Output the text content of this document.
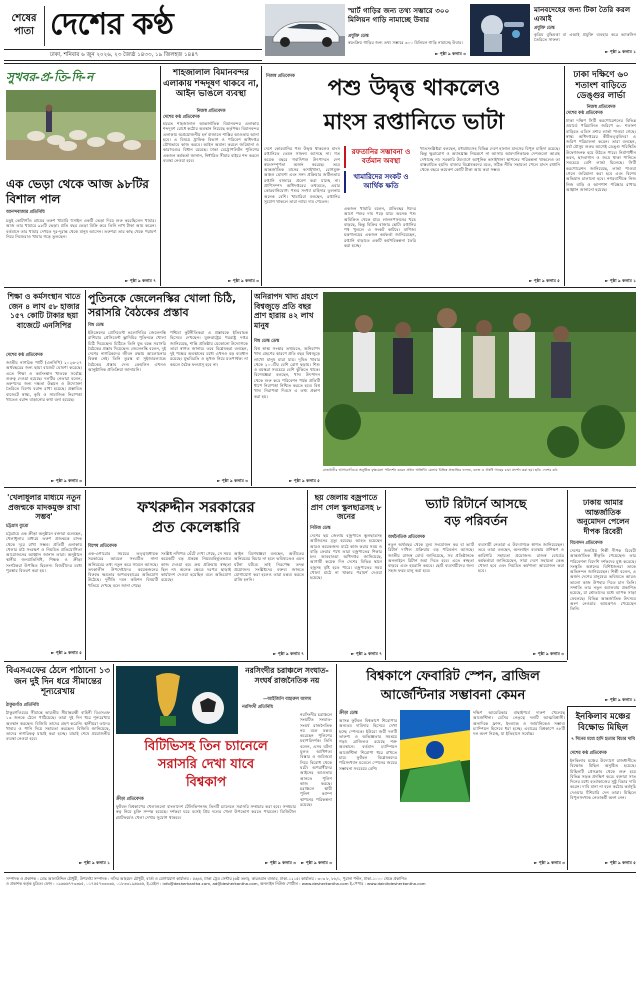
শেষের পাতা দেশের কণ্ঠ
ঢাকা, শনিবার ৬ জুন ২০২৬, ২৩ জ্যৈষ্ঠ ১৪৩৩, ১৯ জিলহজ ১৪৪৭
স্মার্ট গাড়ির জন্য তথ্য সম্ভারে ৩০০ মিলিয়ন গাড়ি নামাচ্ছে উবার
প্রযুক্তি ডেস্ক
স্বয়ংক্রিয় গাড়ির জন্য তথ্য সম্ভারে ৩০০ মিলিয়ন গাড়ি নামাচ্ছে উবার।
► পৃষ্ঠা ৯ কলাম ৩
মানবদেহের জন্য টিকা তৈরি করল এআই
প্রযুক্তি ডেস্ক
কৃত্রিম বুদ্ধিমত্তা বা এআই প্রযুক্তি ব্যবহার করে ভ্যাকসিন তৈরিতে সাফল্য
► পৃষ্ঠা ৯ কলাম ১
সুখবর-প্র-তি-দি-ন
এক ভেড়া থেকে আজ ৯৮টির বিশাল পাল
আনন্দবাজার প্রতিনিধি
চড়ুই কোটাগাঁও গ্রামের তরুণ খামারি হুসাইন একটি ভেড়া দিয়ে শুরু করেছিলেন খামার। আজ তার খামারে ৯৮টি ভেড়া। প্রতি বছর ভেড়া বিক্রি করে তিনি লাখ টাকা আয় করেন। বর্তমানে তার খামার দেখতে দূর-দূরান্ত থেকে মানুষ আসেন। তরুণরা তার কাছ থেকে পরামর্শ নিয়ে নিজেরাও খামার গড়ে তুলছেন।
► পৃষ্ঠা ৯ কলাম ৭
শাহজালাল বিমানবন্দর এলাকায় শব্দদূষণ থাকবে না, আইন ভাঙলে ব্যবস্থা
নিজস্ব প্রতিবেদক
দেশের কণ্ঠ প্রতিবেদক
হযরত শাহজালাল আন্তর্জাতিক বিমানবন্দর এলাকায় শব্দদূষণ রোধে কঠোর অবস্থান নিয়েছে কর্তৃপক্ষ। বিমানবন্দর এলাকায় অপ্রয়োজনীয় হর্ন বাজালে শাস্তির আওতায় আনা হবে। এ বিষয়ে ট্রাফিক বিভাগ ও পরিবেশ অধিদপ্তর যৌথভাবে কাজ করবে। আইন অমান্য করলে জরিমানা ও কারাদণ্ডের বিধান রয়েছে। ঢাকা মেট্রোপলিটন পুলিশের একজন কর্মকর্তা জানান, নির্ধারিত সীমার বাইরে শব্দ করলে ব্যবস্থা নেওয়া হবে।
► পৃষ্ঠা ৯ কলাম ৩
নিজস্ব প্রতিবেদক	পশু উদ্বৃত্ত থাকলেও
মাংস রপ্তানিতে ভাটা
দেশে কোরবানির পশু উদ্বৃত্ত থাকলেও মাংস রপ্তানিতে তেমন সাফল্য আসছে না। গত কয়েক বছরে গবাদিপশু উৎপাদনে দেশ স্বয়ংসম্পূর্ণতা অর্জন করেছে। তবে আন্তর্জাতিক মানের কসাইখানা, রোগমুক্ত অঞ্চল ঘোষণা এবং সনদ প্রক্রিয়ার জটিলতায় রপ্তানি বাজারে প্রবেশ করা যাচ্ছে না। প্রাণিসম্পদ অধিদপ্তরের তথ্যমতে, এবার কোরবানিযোগ্য পশুর সংখ্যা চাহিদার তুলনায় অনেক বেশি। খামারিরা বলছেন, রপ্তানির সুযোগ থাকলে তারা ন্যায্য দাম পেতেন।
রফতানির সম্ভাবনা ও বর্তমান অবস্থা
খামারিদের সংকট ও আর্থিক ক্ষতি
একজন খামারি বলেন, প্রতিবছর ঈদের আগে পশুর দাম পড়ে যায়। অনেক পশু অবিক্রিত থেকে যায়। লালনপালনের খরচ বাড়ছে, কিন্তু বিক্রির বাজার ছোট। রপ্তানির পথ খুললে এ সংকট কাটবে। বাণিজ্য মন্ত্রণালয়ের একজন কর্মকর্তা জানিয়েছেন, রপ্তানি বাড়াতে একটি কর্মপরিকল্পনা তৈরি করা হচ্ছে।
খাতসংশ্লিষ্টরা বলছেন, মধ্যপ্রাচ্যসহ বিভিন্ন দেশে হালাল মাংসের বিপুল চাহিদা রয়েছে। কিন্তু ক্ষুরারোগ ও অ্যানথ্রাক্স নিয়ন্ত্রণে না আসায় আমদানিকারক দেশগুলো আগ্রহ দেখাচ্ছে না। সরকারি উদ্যোগে আধুনিক কসাইখানা স্থাপনের পরিকল্পনা থাকলেও তা বাস্তবায়িত হয়নি। বাজার বিশ্লেষকদের মতে, সঠিক নীতি সহায়তা পেলে মাংস রপ্তানি থেকে বছরে কয়েকশ কোটি টাকা আয় করা সম্ভব।
► পৃষ্ঠা ৯ কলাম ৫
ঢাকা দক্ষিণে ৬০ শতাংশ বাড়িতে ডেঙ্গুর লার্ভা
নিজস্ব প্রতিবেদক
দেশের কণ্ঠ প্রতিবেদক
ঢাকা দক্ষিণ সিটি করপোরেশনের বিভিন্ন ওয়ার্ডে পরিচালিত জরিপে ৬০ শতাংশ বাড়িতে এডিস মশার লার্ভা পাওয়া গেছে। স্বাস্থ্য অধিদপ্তরের কীটতত্ত্ববিদরা এ জরিপ পরিচালনা করেন। তারা বলছেন, বর্ষা মৌসুম শুরুর আগেই ডেঙ্গু পরিস্থিতি উদ্বেগজনক হয়ে উঠতে পারে। নির্মাণাধীন ভবন, ছাদবাগান ও জমে থাকা পানিতে সবচেয়ে বেশি লার্ভা মিলেছে। সিটি করপোরেশন জানিয়েছে, লার্ভা পাওয়া গেলে জরিমানা করা হবে এবং বিশেষ অভিযান চালানো হবে। নগরবাসীকে নিজ নিজ বাড়ি ও আশপাশ পরিষ্কার রাখার আহ্বান জানানো হয়েছে।
► পৃষ্ঠা ৯ কলাম ১
শিক্ষা ও কর্মসংস্থান খাতে জেন ৪ লাখ ৫৮ হাজার ১৫৭ কোটি টাকার ছয়া বাজেটে এনসিপির
দেশের কণ্ঠ প্রতিবেদক
জাতীয় নাগরিক পার্টি (এনসিপি) ২০২৬-২৭ অর্থবছরের জন্য ছায়া বাজেট ঘোষণা করেছে। এতে শিক্ষা ও কর্মসংস্থান খাতকে সর্বোচ্চ গুরুত্ব দেওয়া হয়েছে। দলটির নেতারা বলেন, তরুণদের জন্য দক্ষতা উন্নয়ন ও উদ্যোক্তা তৈরিতে বিশেষ বরাদ্দ রাখা হয়েছে। প্রস্তাবিত বাজেটে স্বাস্থ্য, কৃষি ও সামাজিক নিরাপত্তা খাতেও বরাদ্দ বাড়ানোর কথা বলা হয়েছে।
► পৃষ্ঠা ৯ কলাম ৩
পুতিনকে জেলেনস্কির খোলা চিঠি, সরাসরি বৈঠকের প্রস্তাব
বিশ্ব ডেস্ক
ইউক্রেনের প্রেসিডেন্ট ভলোদিমির জেলেনস্কি রাশিয়ার প্রেসিডেন্ট ভ্লাদিমির পুতিনকে খোলা চিঠি দিয়েছেন। চিঠিতে তিনি যুদ্ধ বন্ধে সরাসরি বৈঠকের প্রস্তাব দিয়েছেন। জেলেনস্কি বলেন, দুই দেশের নাগরিকদের জীবন রক্ষায় আলোচনার বিকল্প নেই। তিনি তুরস্ক বা সুইজারল্যান্ডে বৈঠকের প্রস্তাব দেন। ক্রেমলিন এখনও আনুষ্ঠানিক প্রতিক্রিয়া জানায়নি।
পশ্চিমা কূটনীতিকরা এ প্রস্তাবকে ইতিবাচক হিসেবে দেখছেন। যুক্তরাষ্ট্রের পররাষ্ট্র দপ্তর জানিয়েছে, শান্তি প্রতিষ্ঠায় যেকোনো উদ্যোগকে তারা স্বাগত জানায়। তবে বিশ্লেষকরা বলছেন, দুই পক্ষের অবস্থানের মধ্যে এখনও বড় ব্যবধান রয়েছে। যুদ্ধবিরতি ও ভূখণ্ড নিয়ে মতপার্থক্য না কমলে বৈঠক ফলপ্রসূ হবে না।
► পৃষ্ঠা ৯ কলাম ৩
অনিরাপদ খাদ্য গ্রহণে বিশ্বজুড়ে প্রতি বছর প্রাণ হারায় ৪২ লাখ মানুষ
বিশ্ব ডেস্ক ডেস্ক
বিশ্ব স্বাস্থ্য সংস্থার তথ্যমতে, অনিরাপদ খাদ্য গ্রহণের কারণে প্রতি বছর বিশ্বজুড়ে লাখো মানুষ মারা যায়। দূষিত খাবার থেকে ২০০টির বেশি রোগ ছড়ায়। শিশু ও বয়স্করা সবচেয়ে বেশি ঝুঁকিতে থাকে। বিশেষজ্ঞরা বলছেন, খাদ্য উৎপাদন থেকে শুরু করে পরিবেশন পর্যন্ত প্রতিটি ধাপে নিরাপত্তা নিশ্চিত করতে হবে। বিশ্ব খাদ্য নিরাপত্তা দিবসে এ তথ্য প্রকাশ করা হয়।
► পৃষ্ঠা ৯ কলাম ৫
রাজধানীর আগারগাঁওয়ে অনুষ্ঠিত বৃক্ষমেলা পরিদর্শন করেন প্রধান অতিথি। মেলায় বিভিন্ন প্রজাতির ফলজ, বনজ ও ঔষধি গাছের চারা প্রদর্শন করা হয়। ছবি: দেশের কণ্ঠ
'খেলাধুলার মাধ্যমে নতুন প্রজন্মকে মাদকমুক্ত রাখা সম্ভব'
চট্টগ্রাম ব্যুরো
চট্টগ্রামে এক ক্রীড়া অনুষ্ঠানে বক্তারা বলেছেন, খেলাধুলার মাধ্যমে তরুণ প্রজন্মকে মাদক থেকে দূরে রাখা সম্ভব। প্রতিটি এলাকায় খেলার মাঠ সংরক্ষণ ও নিয়মিত প্রতিযোগিতা আয়োজনের আহ্বান জানান তারা। অনুষ্ঠানে স্থানীয় জনপ্রতিনিধি, শিক্ষক ও ক্রীড়া সংগঠকরা উপস্থিত ছিলেন। বিজয়ীদের মধ্যে পুরস্কার বিতরণ করা হয়।
► পৃষ্ঠা ৯ কলাম ৫
ফখরুদ্দীন সরকারের
প্রত কেলেঙ্কারি
বিশেষ প্রতিবেদক
এক-এগারোর সময়ের তত্ত্বাবধায়ক সরকারের আমলে সংঘটিত নানা অনিয়মের তথ্য নতুন করে সামনে আসছে। তৎকালীন উপদেষ্টাদের কয়েকজনের বিরুদ্ধে ক্ষমতার অপব্যবহারের অভিযোগ উঠেছে। দুর্নীতি দমন কমিশন বিষয়টি খতিয়ে দেখছে বলে জানা গেছে।
সংশ্লিষ্ট নথিপত্র ঘেঁটে দেখা গেছে, সে সময় কয়েকটি বড় প্রকল্পে নিয়মবহির্ভূতভাবে কাজ দেওয়া হয়। ক্রয় প্রক্রিয়ায় স্বচ্ছতা ছিল না। অনেক ক্ষেত্রে দরপত্র ছাড়াই কার্যাদেশ দেওয়া হয়েছিল বলে অভিযোগ রয়েছে।
আইন বিশেষজ্ঞরা বলছেন, অতীতের অনিয়মের বিচার না হলে ভবিষ্যতেও এমন ঘটনা ঘটবে। তাই নিরপেক্ষ তদন্ত প্রয়োজন। সংশ্লিষ্টদের বক্তব্য জানতে যোগাযোগ করা হলেও তারা মন্তব্য করতে রাজি হননি।
► পৃষ্ঠা ৯ কলাম ৭
ছয় জেলায় বজ্রপাতে প্রাণ গেল স্কুলছাত্রসহ ৮ জনের
নিউজ ডেস্ক
দেশের ছয় জেলায় বজ্রপাতে স্কুলছাত্রসহ আটজনের মৃত্যু হয়েছে। আহত হয়েছেন আরও কয়েকজন। মাঠে কাজ করার সময় ও বাড়ি ফেরার পথে তারা বজ্রপাতের শিকার হন। আবহাওয়া অধিদপ্তর জানিয়েছে, আগামী কয়েক দিন দেশের বিভিন্ন স্থানে বজ্রসহ বৃষ্টি হতে পারে। বজ্রপাতের সময় খোলা মাঠে না থাকার পরামর্শ দেওয়া হয়েছে।
► পৃষ্ঠা ৯ কলাম ৭
ভ্যাট রিটার্নে আসছে
বড় পরিবর্তন
অর্থনৈতিক প্রতিবেদক
নতুন অর্থবছর থেকে মূল্য সংযোজন কর বা ভ্যাট রিটার্ন দাখিল প্রক্রিয়ায় বড় পরিবর্তন আসছে। জাতীয় রাজস্ব বোর্ড জানিয়েছে, সব প্রতিষ্ঠানকে অনলাইনে রিটার্ন জমা দিতে হবে। এতে স্বচ্ছতা বাড়বে এবং হয়রানি কমবে। ছোট ব্যবসায়ীদের জন্য সহজ ফরম চালু করা হবে।
ব্যবসায়ী নেতারা এ উদ্যোগকে স্বাগত জানিয়েছেন। তবে তারা বলছেন, অনলাইন ব্যবস্থায় প্রশিক্ষণ ও কারিগরি সহায়তা প্রয়োজন। রাজস্ব বোর্ডের কর্মকর্তারা জানিয়েছেন, সারা দেশে সহায়তা কেন্দ্র খোলা হবে এবং নিয়মিত কর্মশালা আয়োজন করা হবে।
► পৃষ্ঠা ৯ কলাম ৩
ঢাকায় আমার আন্তর্জাতিক অনুমোদন পেলেন দীপক রিবেরী
বিনোদন প্রতিবেদক
দেশের জনপ্রিয় শিল্পী দীপক রিবেরী আন্তর্জাতিক স্বীকৃতি পেয়েছেন। তার পরিবেশনা বিদেশি দর্শকদের মুগ্ধ করেছে। সংস্কৃতি অঙ্গনের বিশিষ্টজনরা তাকে অভিনন্দন জানিয়েছেন। শিল্পী বলেন, এ অর্জন দেশের মানুষের। ভবিষ্যতে আরও ভালো কাজ উপহার দিতে চান তিনি। সম্প্রতি তার নতুন অ্যালবাম প্রকাশিত হয়েছে, যা শ্রোতাদের মধ্যে ব্যাপক সাড়া ফেলেছে। বিভিন্ন আন্তর্জাতিক উৎসবে অংশ নেওয়ার আমন্ত্রণও পেয়েছেন তিনি।
► পৃষ্ঠা ৯ কলাম ১
বিএসএফের ঠেলে পাঠানো ১৩ জন দুই দিন ধরে সীমান্তের শূন্যরেখায়
ঠাকুরগাঁও প্রতিনিধি
ঠাকুরগাঁওয়ের সীমান্তে ভারতীয় সীমান্তরক্ষী বাহিনী বিএসএফ ১৩ জনকে ঠেলে পাঠিয়েছে। তারা দুই দিন ধরে শূন্যরেখায় অবস্থান করছেন। বিজিবি তাদের গ্রহণ করেনি। স্থানীয়রা তাদের খাবার ও পানি দিয়ে সহায়তা করছেন। বিজিবি জানিয়েছে, তাদের নাগরিকত্ব যাচাই করা হচ্ছে। যাচাই শেষে প্রয়োজনীয় ব্যবস্থা নেওয়া হবে।
► পৃষ্ঠা ৯ কলাম ১
বিটিভিসহ তিন চ্যানেলে
সরাসরি দেখা যাবে
বিশ্বকাপ
ক্রীড়া প্রতিবেদক
ফুটবল বিশ্বকাপের খেলাগুলো বাংলাদেশ টেলিভিশনসহ তিনটি চ্যানেলে সরাসরি সম্প্রচার করা হবে। সম্প্রচার স্বত্ব নিয়ে চুক্তি সম্পন্ন হয়েছে। দর্শকরা ঘরে বসেই প্রিয় দলের খেলা উপভোগ করতে পারবেন। ডিজিটাল প্ল্যাটফর্মেও খেলা দেখার সুযোগ থাকবে।
► পৃষ্ঠা ৯ কলাম ৩
নরসিংদীর চরাঞ্চলে সংঘাত-সংঘর্ষ রাজনৈতিক নয়
—আইজিপি বাহারুল আলম
নরসিংদী প্রতিনিধি
নরসিংদীর চরাঞ্চলে সংঘটিত সংঘাত-সংঘর্ষ রাজনৈতিক নয় বলে মন্তব্য করেছেন পুলিশের মহাপরিদর্শক। তিনি বলেন, এসব ঘটনা মূলত আধিপত্য বিস্তার ও জমিজমা নিয়ে বিরোধ থেকে ঘটে। অপরাধীদের আইনের আওতায় আনতে পুলিশ কাজ করছে। চরাঞ্চলে স্থায়ী পুলিশ ক্যাম্প স্থাপনের পরিকল্পনা রয়েছে।
► পৃষ্ঠা ৯ কলাম ৩
বিশ্বকাপে ফেবারিট স্পেন, ব্রাজিল
আর্জেন্টিনার সম্ভাবনা কেমন
ক্রীড়া ডেস্ক
আসন্ন ফুটবল বিশ্বকাপে শিরোপার অন্যতম দাবিদার হিসেবে দেখা হচ্ছে স্পেনকে। ইউরো জয়ী দলটি তারুণ্য ও অভিজ্ঞতার সমন্বয়ে গড়া। ব্রাজিলও রয়েছে শক্ত অবস্থানে। বর্তমান চ্যাম্পিয়ন আর্জেন্টিনা শিরোপা ধরে রাখতে চায়। ফুটবল বিশ্লেষকদের পরিসংখ্যান মডেলে স্পেনের জয়ের সম্ভাবনা সবচেয়ে বেশি।
দক্ষিণ আমেরিকার বাছাইপর্বে দারুণ খেলেছে আর্জেন্টিনা। মেসির নেতৃত্বে দলটি আত্মবিশ্বাসী। অন্যদিকে ফ্রান্স, ইংল্যান্ড ও জার্মানিকেও সম্ভাব্য চ্যাম্পিয়ন হিসেবে ধরা হচ্ছে। এবারের বিশ্বকাপে ৪৮টি দল অংশ নিচ্ছে, যা ইতিহাসে সর্বোচ্চ।
► পৃষ্ঠা ৯ কলাম ৩
ইনকিলাব মঞ্চের বিক্ষোভ মিছিল
৭ দিনের মধ্যে হাদি হত্যার বিচার দাবি
দেশের কণ্ঠ প্রতিবেদক
ইনকিলাব মঞ্চের উদ্যোগে রাজধানীতে বিক্ষোভ মিছিল অনুষ্ঠিত হয়েছে। মিছিলটি প্রেসক্লাব থেকে শুরু হয়ে বিভিন্ন সড়ক প্রদক্ষিণ করে। বক্তারা সাত দিনের মধ্যে হত্যাকাণ্ডের সুষ্ঠু বিচার দাবি করেন। দাবি মানা না হলে কঠোর কর্মসূচি দেওয়ার হুঁশিয়ারি দেন তারা। মিছিলে বিপুলসংখ্যক নেতাকর্মী অংশ নেন।
► পৃষ্ঠা ৯ কলাম ৫
সম্পাদক ও প্রকাশক : মোঃ আলাউদ্দিন চৌধুরী, উপদেষ্টা সম্পাদক : নসির আহমেদ চৌধুরী, বার্তা ও যোগাযোগ কার্যালয় : ৫৬/এ, ঢাকা ট্রেড সেন্টার (৬ষ্ঠ তলা), কারওয়ান বাজার, ঢাকা-১২১৫। কার্যালয় : ৩০৩ ৮, ৮৮/১, পুরানা পল্টন, ঢাকা-১০০০ থেকে প্রকাশিত
ও প্রকাশক কর্তৃক মুদ্রিত। ফোন : ০৯৬৬৬৭৭৩৩৬৫, ০১৭৫৫৭৩৩৩৩৬, ০১৮৩৩১৯৬৬৬৫, ই-মেইল : info@desherkantha.com, ad@desherkantha.com, অনলাইন নিউজ পোর্টাল : www.desherkantha.com ই-পেপার : www.dainikdesherkantha.com
